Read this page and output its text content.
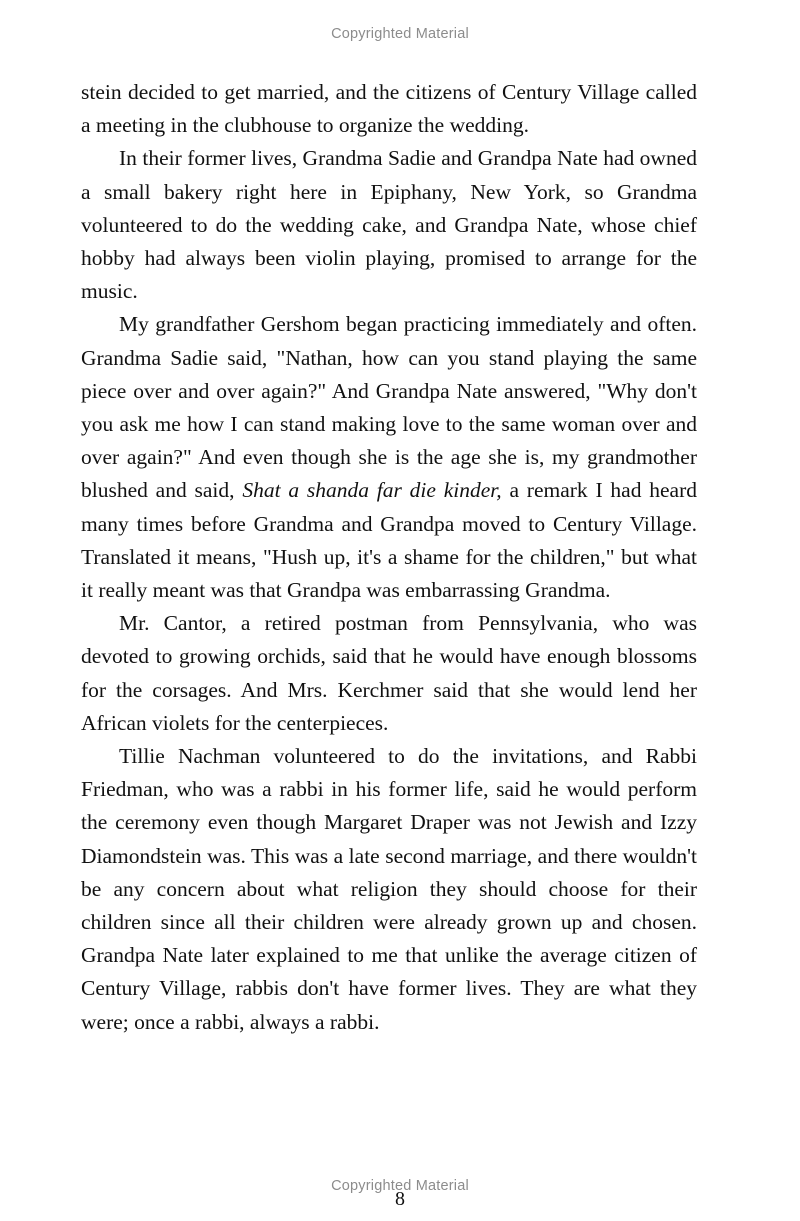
Copyrighted Material

stein decided to get married, and the citizens of Century Village called a meeting in the clubhouse to organize the wedding.

In their former lives, Grandma Sadie and Grandpa Nate had owned a small bakery right here in Epiphany, New York, so Grandma volunteered to do the wedding cake, and Grandpa Nate, whose chief hobby had always been violin playing, promised to arrange for the music.

My grandfather Gershom began practicing immediately and often. Grandma Sadie said, "Nathan, how can you stand playing the same piece over and over again?" And Grandpa Nate answered, "Why don't you ask me how I can stand making love to the same woman over and over again?" And even though she is the age she is, my grandmother blushed and said, Shat a shanda far die kinder, a remark I had heard many times before Grandma and Grandpa moved to Century Village. Translated it means, "Hush up, it's a shame for the children," but what it really meant was that Grandpa was embarrassing Grandma.

Mr. Cantor, a retired postman from Pennsylvania, who was devoted to growing orchids, said that he would have enough blossoms for the corsages. And Mrs. Kerchmer said that she would lend her African violets for the centerpieces.

Tillie Nachman volunteered to do the invitations, and Rabbi Friedman, who was a rabbi in his former life, said he would perform the ceremony even though Margaret Draper was not Jewish and Izzy Diamondstein was. This was a late second marriage, and there wouldn't be any concern about what religion they should choose for their children since all their children were already grown up and chosen. Grandpa Nate later explained to me that unlike the average citizen of Century Village, rabbis don't have former lives. They are what they were; once a rabbi, always a rabbi.

Copyrighted Material
8
